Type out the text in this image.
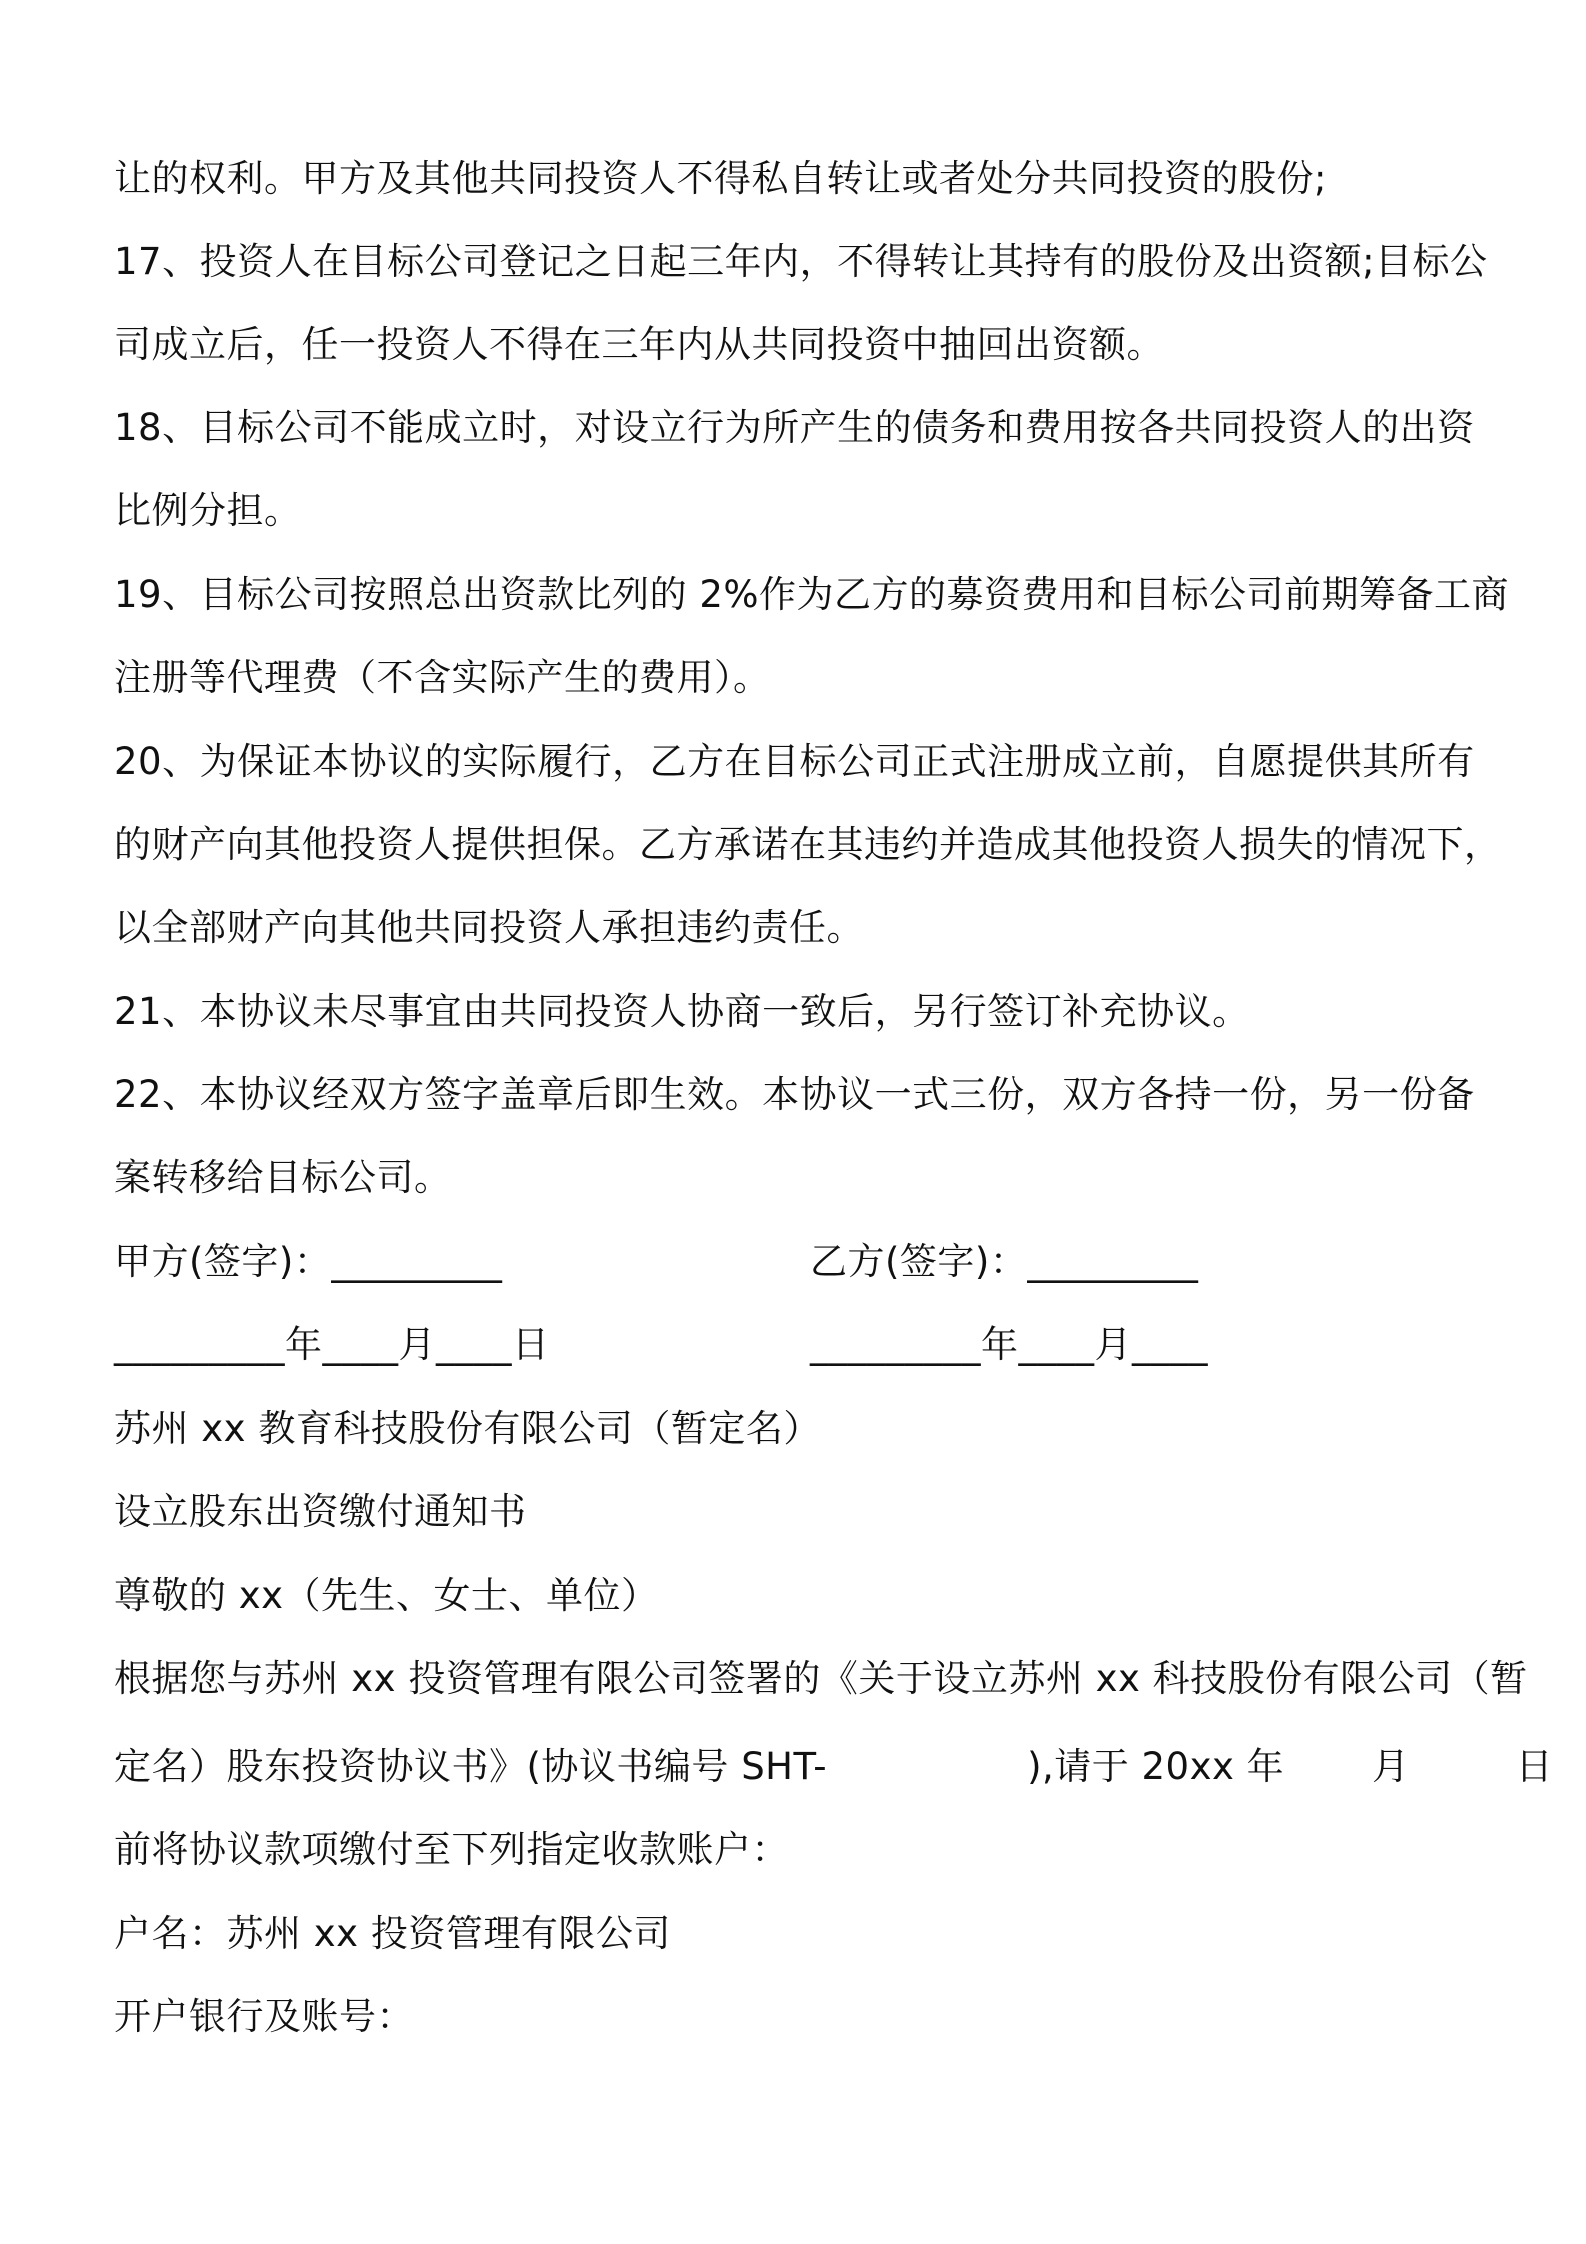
让的权利。甲方及其他共同投资人不得私自转让或者处分共同投资的股份;
17、投资人在目标公司登记之日起三年内，不得转让其持有的股份及出资额;目标公
司成立后，任一投资人不得在三年内从共同投资中抽回出资额。
18、目标公司不能成立时，对设立行为所产生的债务和费用按各共同投资人的出资
比例分担。
19、目标公司按照总出资款比列的 2%作为乙方的募资费用和目标公司前期筹备工商
注册等代理费（不含实际产生的费用）。
20、为保证本协议的实际履行，乙方在目标公司正式注册成立前，自愿提供其所有
的财产向其他投资人提供担保。乙方承诺在其违约并造成其他投资人损失的情况下，
以全部财产向其他共同投资人承担违约责任。
21、本协议未尽事宜由共同投资人协商一致后，另行签订补充协议。
22、本协议经双方签字盖章后即生效。本协议一式三份，双方各持一份，另一份备
案转移给目标公司。
甲方(签字)：_________	乙方(签字)：_________
_________年____月____日	_________年____月____
苏州 xx 教育科技股份有限公司（暂定名）
设立股东出资缴付通知书
尊敬的 xx（先生、女士、单位）
根据您与苏州 xx 投资管理有限公司签署的《关于设立苏州 xx 科技股份有限公司（暂
定名）股东投资协议书》(协议书编号 SHT-	),请于 20xx 年 月	日
前将协议款项缴付至下列指定收款账户：
户名：苏州 xx 投资管理有限公司
开户银行及账号：
